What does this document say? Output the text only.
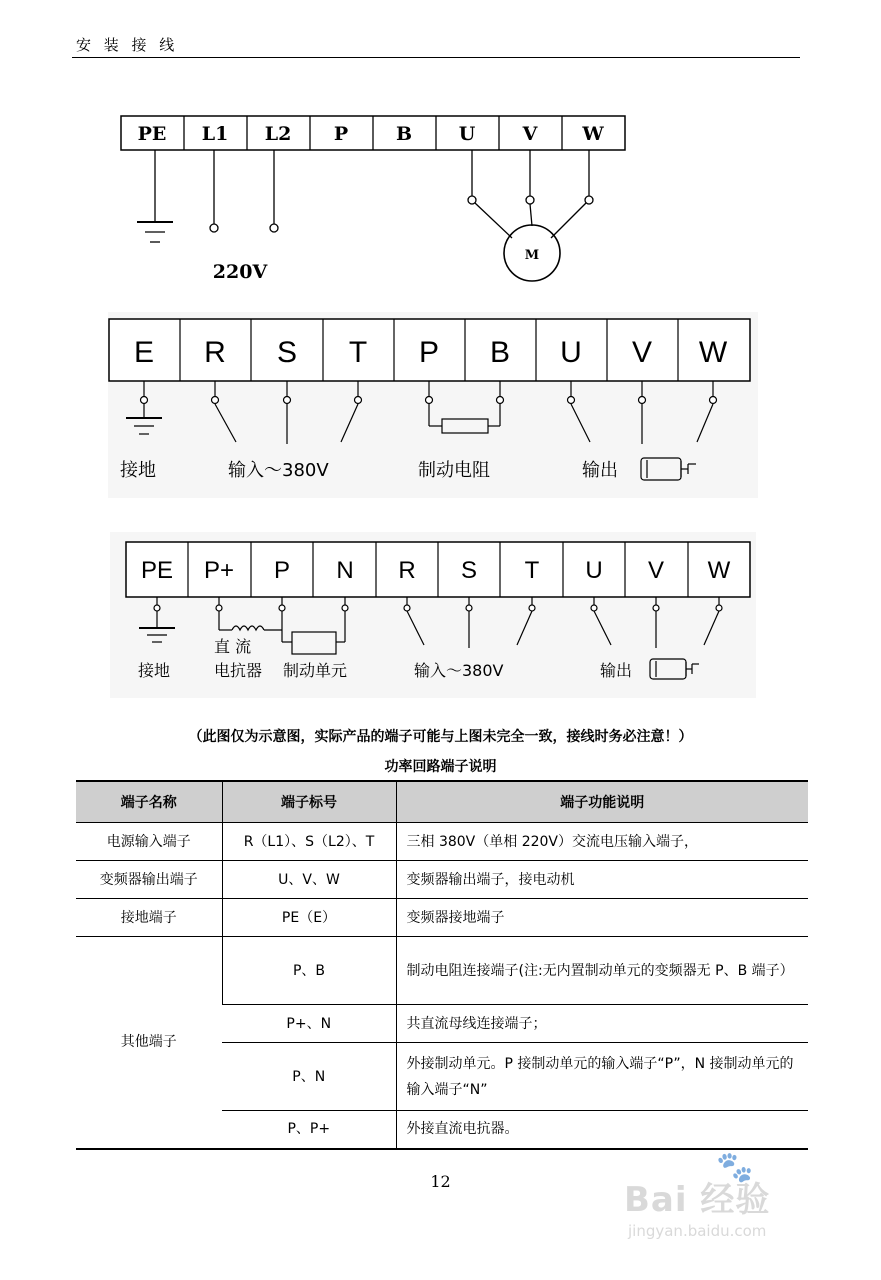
安 装 接 线
PE L1 L2 P	B U V W
220V
M
E R S T P B U V W
接地	输入～380V	制动电阻	输出
PE P+ P N R S T U V W
直 流
电抗器 制动单元
接地	输入～380V	输出
（此图仅为示意图，实际产品的端子可能与上图未完全一致，接线时务必注意！）
功率回路端子说明
端子名称	端子标号	端子功能说明
电源输入端子	R（L1）、S（L2）、T	三相 380V（单相 220V）交流电压输入端子，
变频器输出端子	U、V、W	变频器输出端子，接电动机
接地端子	PE（E）	变频器接地端子
其他端子	P、B	制动电阻连接端子(注:无内置制动单元的变频器无 P、B 端子）
	P+、N	共直流母线连接端子；
	P、N	外接制动单元。P 接制动单元的输入端子“P”，N 接制动单元的输入端子“N”
	P、P+	外接直流电抗器。
12	🐾
Bai 经验
jingyan.baidu.com
